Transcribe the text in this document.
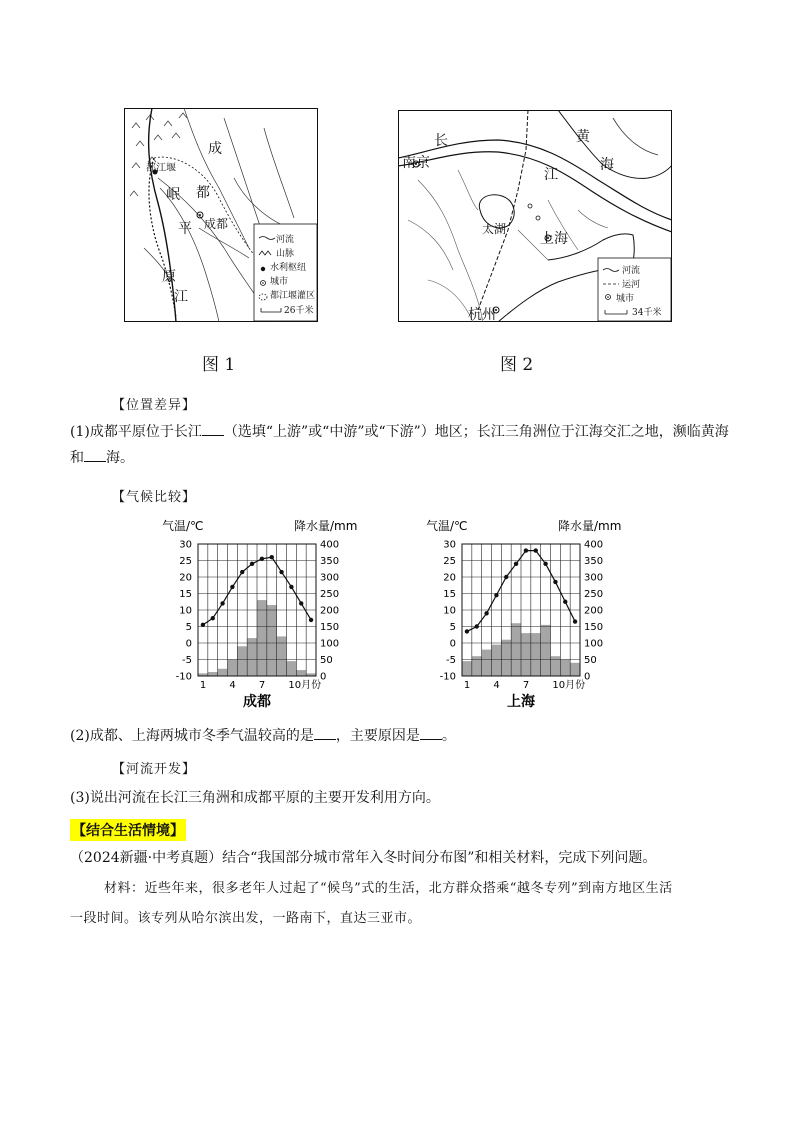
成
都
岷
平
原
江
都江堰
成都
河流
山脉
水利枢纽
城市
都江堰灌区
26千米
长
江
黄
海
南京
太湖
上海
杭州
河流
运河
城市
34千米
图 1	图 2
【位置差异】
(1)成都平原位于长江 （选填“上游”或“中游”或“下游”）地区；长江三角洲位于江海交汇之地，濒临黄海
和 海。
【气候比较】
气温/℃	降水量/mm
30
25
20
15
10
5
0
-5
-10
400
350
300
250
200
150
100
50
0
1 4 7 10月份
成都
气温/℃	降水量/mm
30
25
20
15
10
5
0
-5
-10
400
350
300
250
200
150
100
50
0
1 4 7 10月份
上海
(2)成都、上海两城市冬季气温较高的是 ，主要原因是 。
【河流开发】
(3)说出河流在长江三角洲和成都平原的主要开发利用方向。
【结合生活情境】
（2024新疆·中考真题）结合“我国部分城市常年入冬时间分布图”和相关材料，完成下列问题。
材料：近些年来，很多老年人过起了“候鸟”式的生活，北方群众搭乘“越冬专列”到南方地区生活
一段时间。该专列从哈尔滨出发，一路南下，直达三亚市。
